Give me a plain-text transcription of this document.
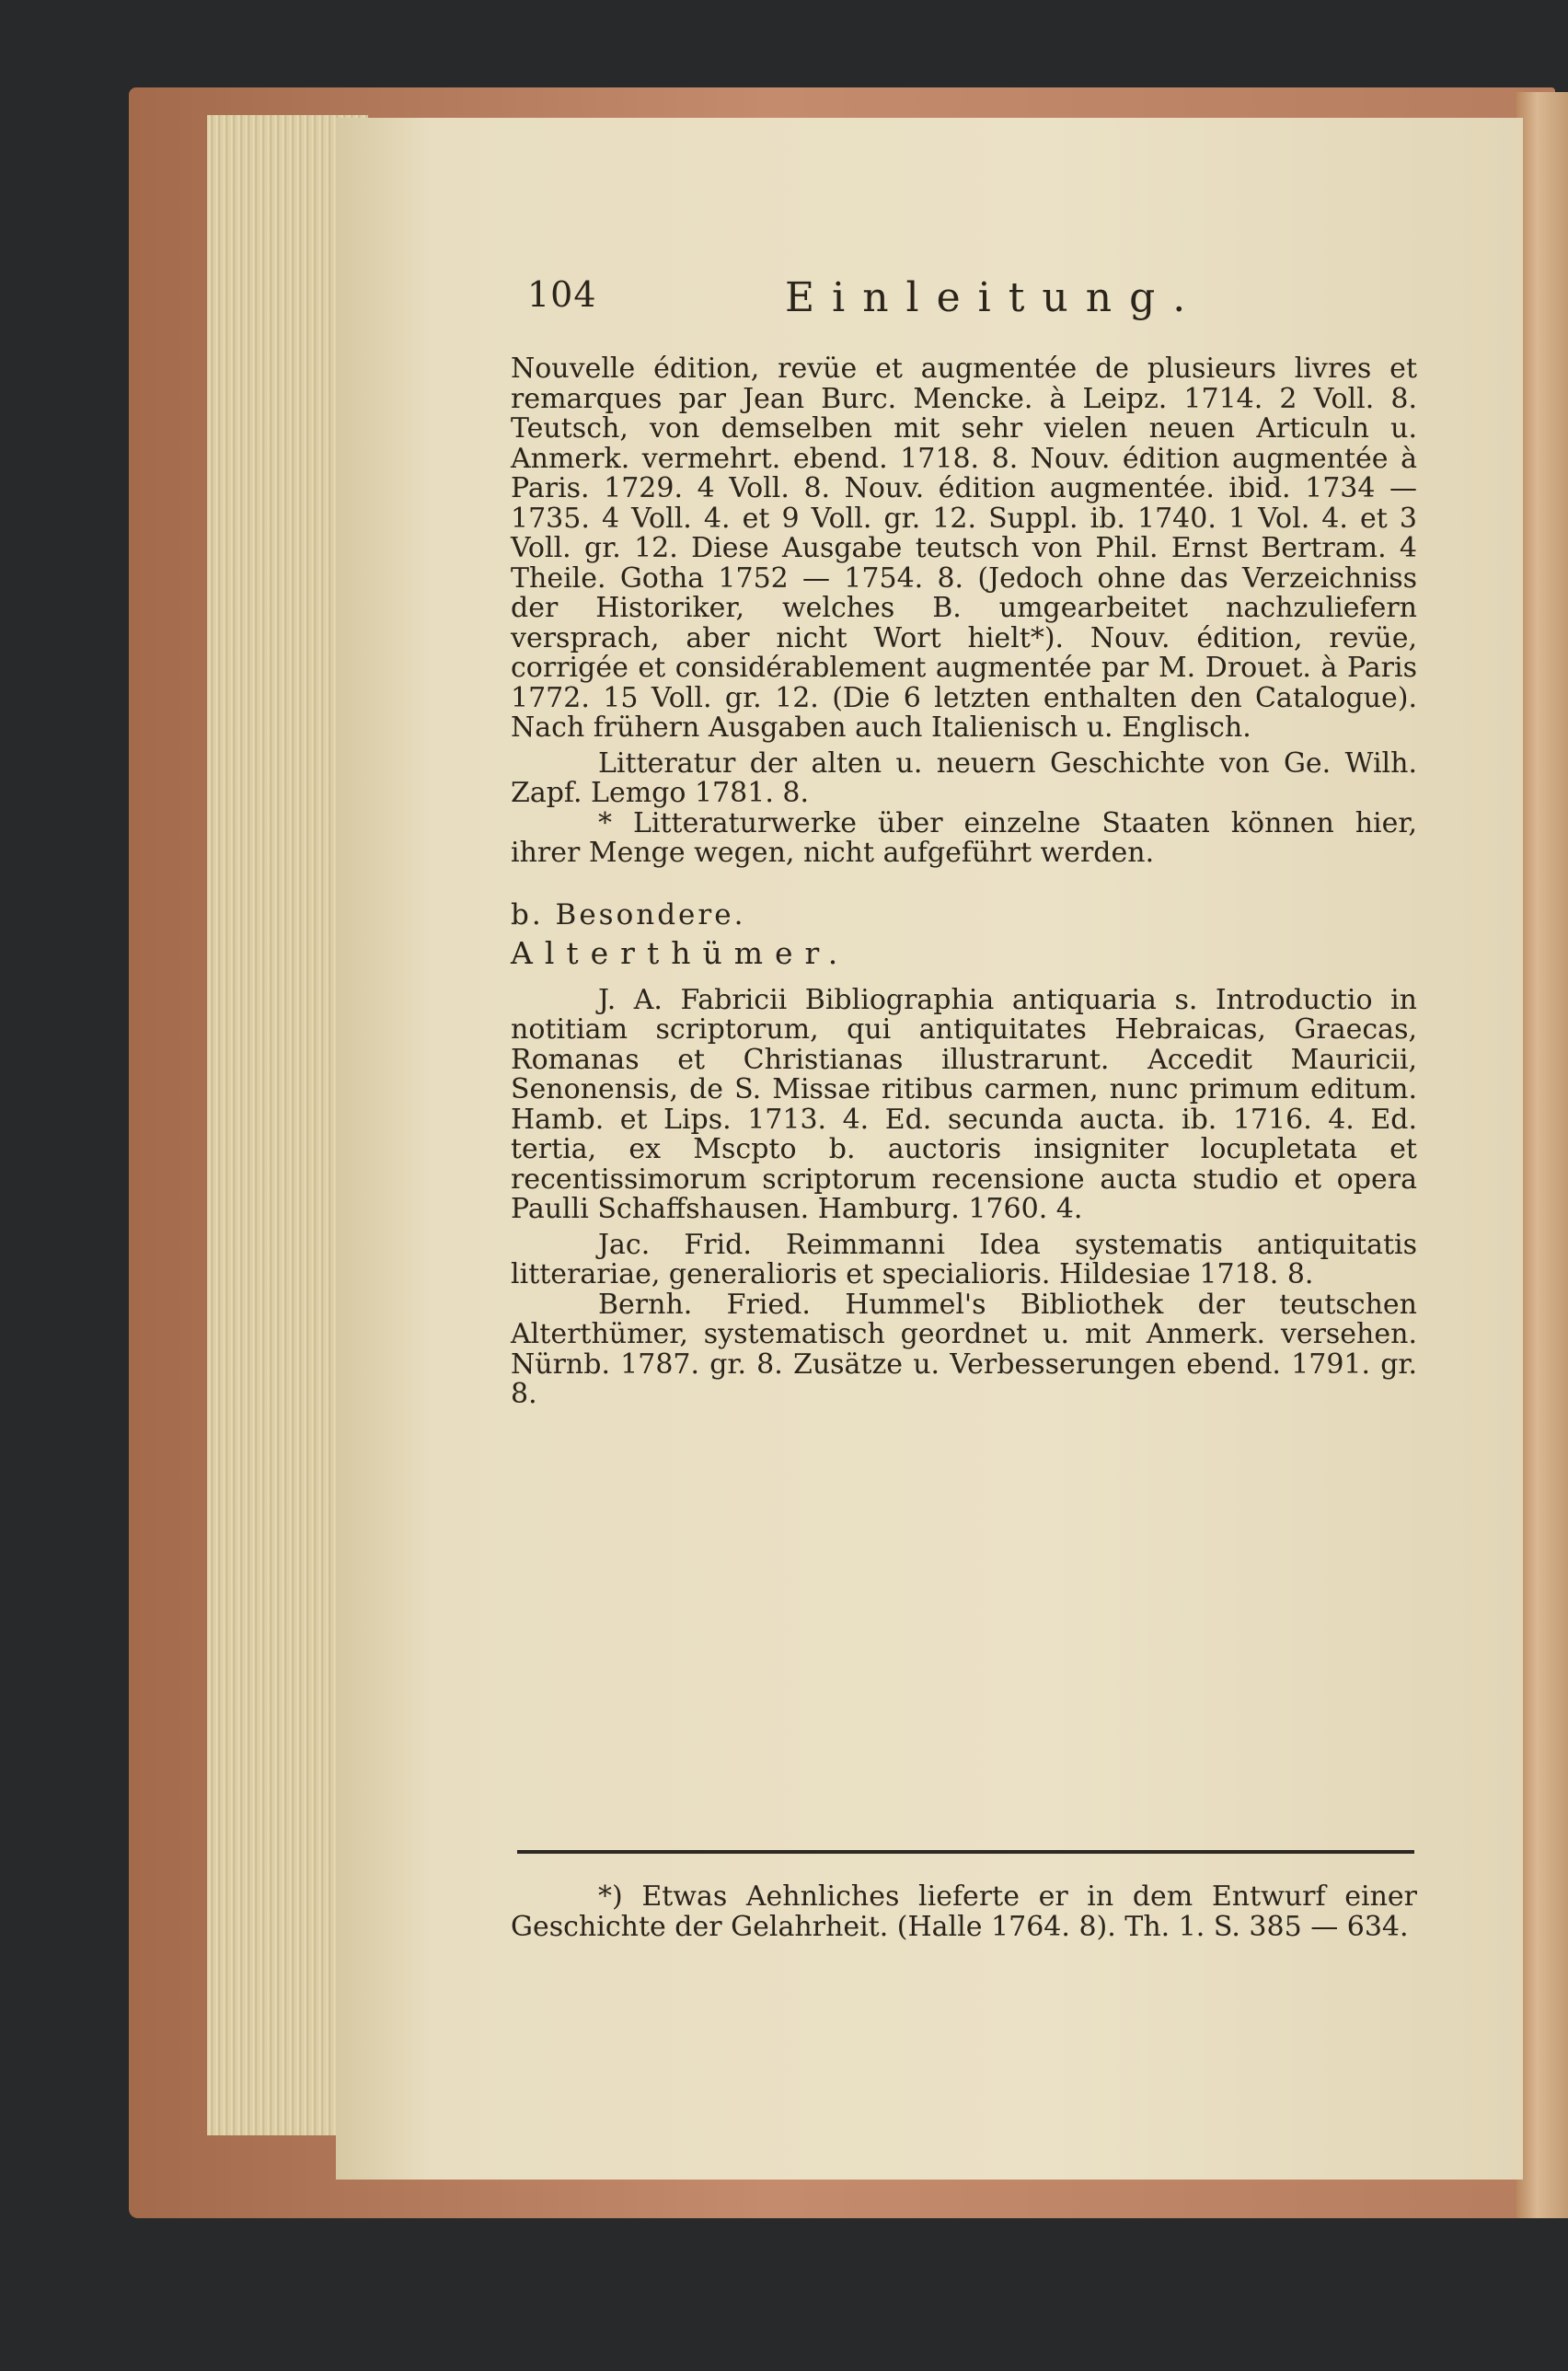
104	Einleitung.

Nouvelle édition, revüe et augmentée de plusieurs livres et remarques par Jean Burc. Mencke. à Leipz. 1714. 2 Voll. 8. Teutsch, von demselben mit sehr vielen neuen Articuln u. Anmerk. vermehrt. ebend. 1718. 8. Nouv. édition augmentée à Paris. 1729. 4 Voll. 8. Nouv. édition augmentée. ibid. 1734 — 1735. 4 Voll. 4. et 9 Voll. gr. 12. Suppl. ib. 1740. 1 Vol. 4. et 3 Voll. gr. 12. Diese Ausgabe teutsch von Phil. Ernst Bertram. 4 Theile. Gotha 1752 — 1754. 8. (Jedoch ohne das Verzeichniss der Historiker, welches B. umgearbeitet nachzuliefern versprach, aber nicht Wort hielt*). Nouv. édition, revüe, corrigée et considérablement augmentée par M. Drouet. à Paris 1772. 15 Voll. gr. 12. (Die 6 letzten enthalten den Catalogue). Nach frühern Ausgaben auch Italienisch u. Englisch.

Litteratur der alten u. neuern Geschichte von Ge. Wilh. Zapf. Lemgo 1781. 8.

* Litteraturwerke über einzelne Staaten können hier, ihrer Menge wegen, nicht aufgeführt werden.

b. Besondere.

Alterthümer.

J. A. Fabricii Bibliographia antiquaria s. Introductio in notitiam scriptorum, qui antiquitates Hebraicas, Graecas, Romanas et Christianas illustrarunt. Accedit Mauricii, Senonensis, de S. Missae ritibus carmen, nunc primum editum. Hamb. et Lips. 1713. 4. Ed. secunda aucta. ib. 1716. 4. Ed. tertia, ex Mscpto b. auctoris insigniter locupletata et recentissimorum scriptorum recensione aucta studio et opera Paulli Schaffshausen. Hamburg. 1760. 4.

Jac. Frid. Reimmanni Idea systematis antiquitatis litterariae, generalioris et specialioris. Hildesiae 1718. 8.

Bernh. Fried. Hummel's Bibliothek der teutschen Alterthümer, systematisch geordnet u. mit Anmerk. versehen. Nürnb. 1787. gr. 8. Zusätze u. Verbesserungen ebend. 1791. gr. 8.

*) Etwas Aehnliches lieferte er in dem Entwurf einer Geschichte der Gelahrheit. (Halle 1764. 8). Th. 1. S. 385 — 634.
